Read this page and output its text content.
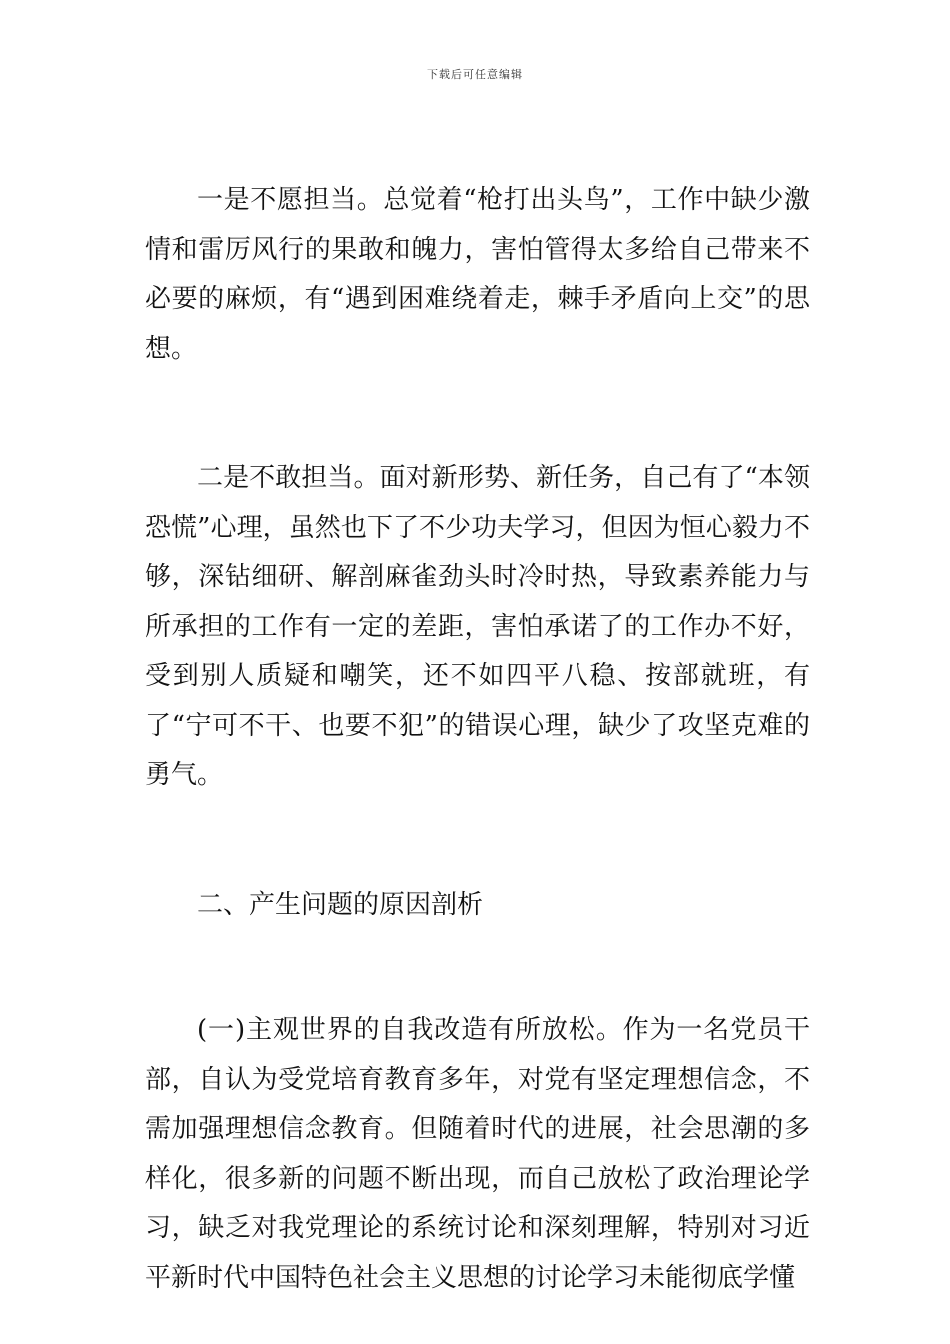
下载后可任意编辑

一是不愿担当。总觉着“枪打出头鸟”，工作中缺少激情和雷厉风行的果敢和魄力，害怕管得太多给自己带来不必要的麻烦，有“遇到困难绕着走，棘手矛盾向上交”的思想。

二是不敢担当。面对新形势、新任务，自己有了“本领恐慌”心理，虽然也下了不少功夫学习，但因为恒心毅力不够，深钻细研、解剖麻雀劲头时冷时热，导致素养能力与所承担的工作有一定的差距，害怕承诺了的工作办不好，受到别人质疑和嘲笑，还不如四平八稳、按部就班，有了“宁可不干、也要不犯”的错误心理，缺少了攻坚克难的勇气。

二、产生问题的原因剖析

(一)主观世界的自我改造有所放松。作为一名党员干部，自认为受党培育教育多年，对党有坚定理想信念，不需加强理想信念教育。但随着时代的进展，社会思潮的多样化，很多新的问题不断出现，而自己放松了政治理论学习，缺乏对我党理论的系统讨论和深刻理解，特别对习近平新时代中国特色社会主义思想的讨论学习未能彻底学懂
